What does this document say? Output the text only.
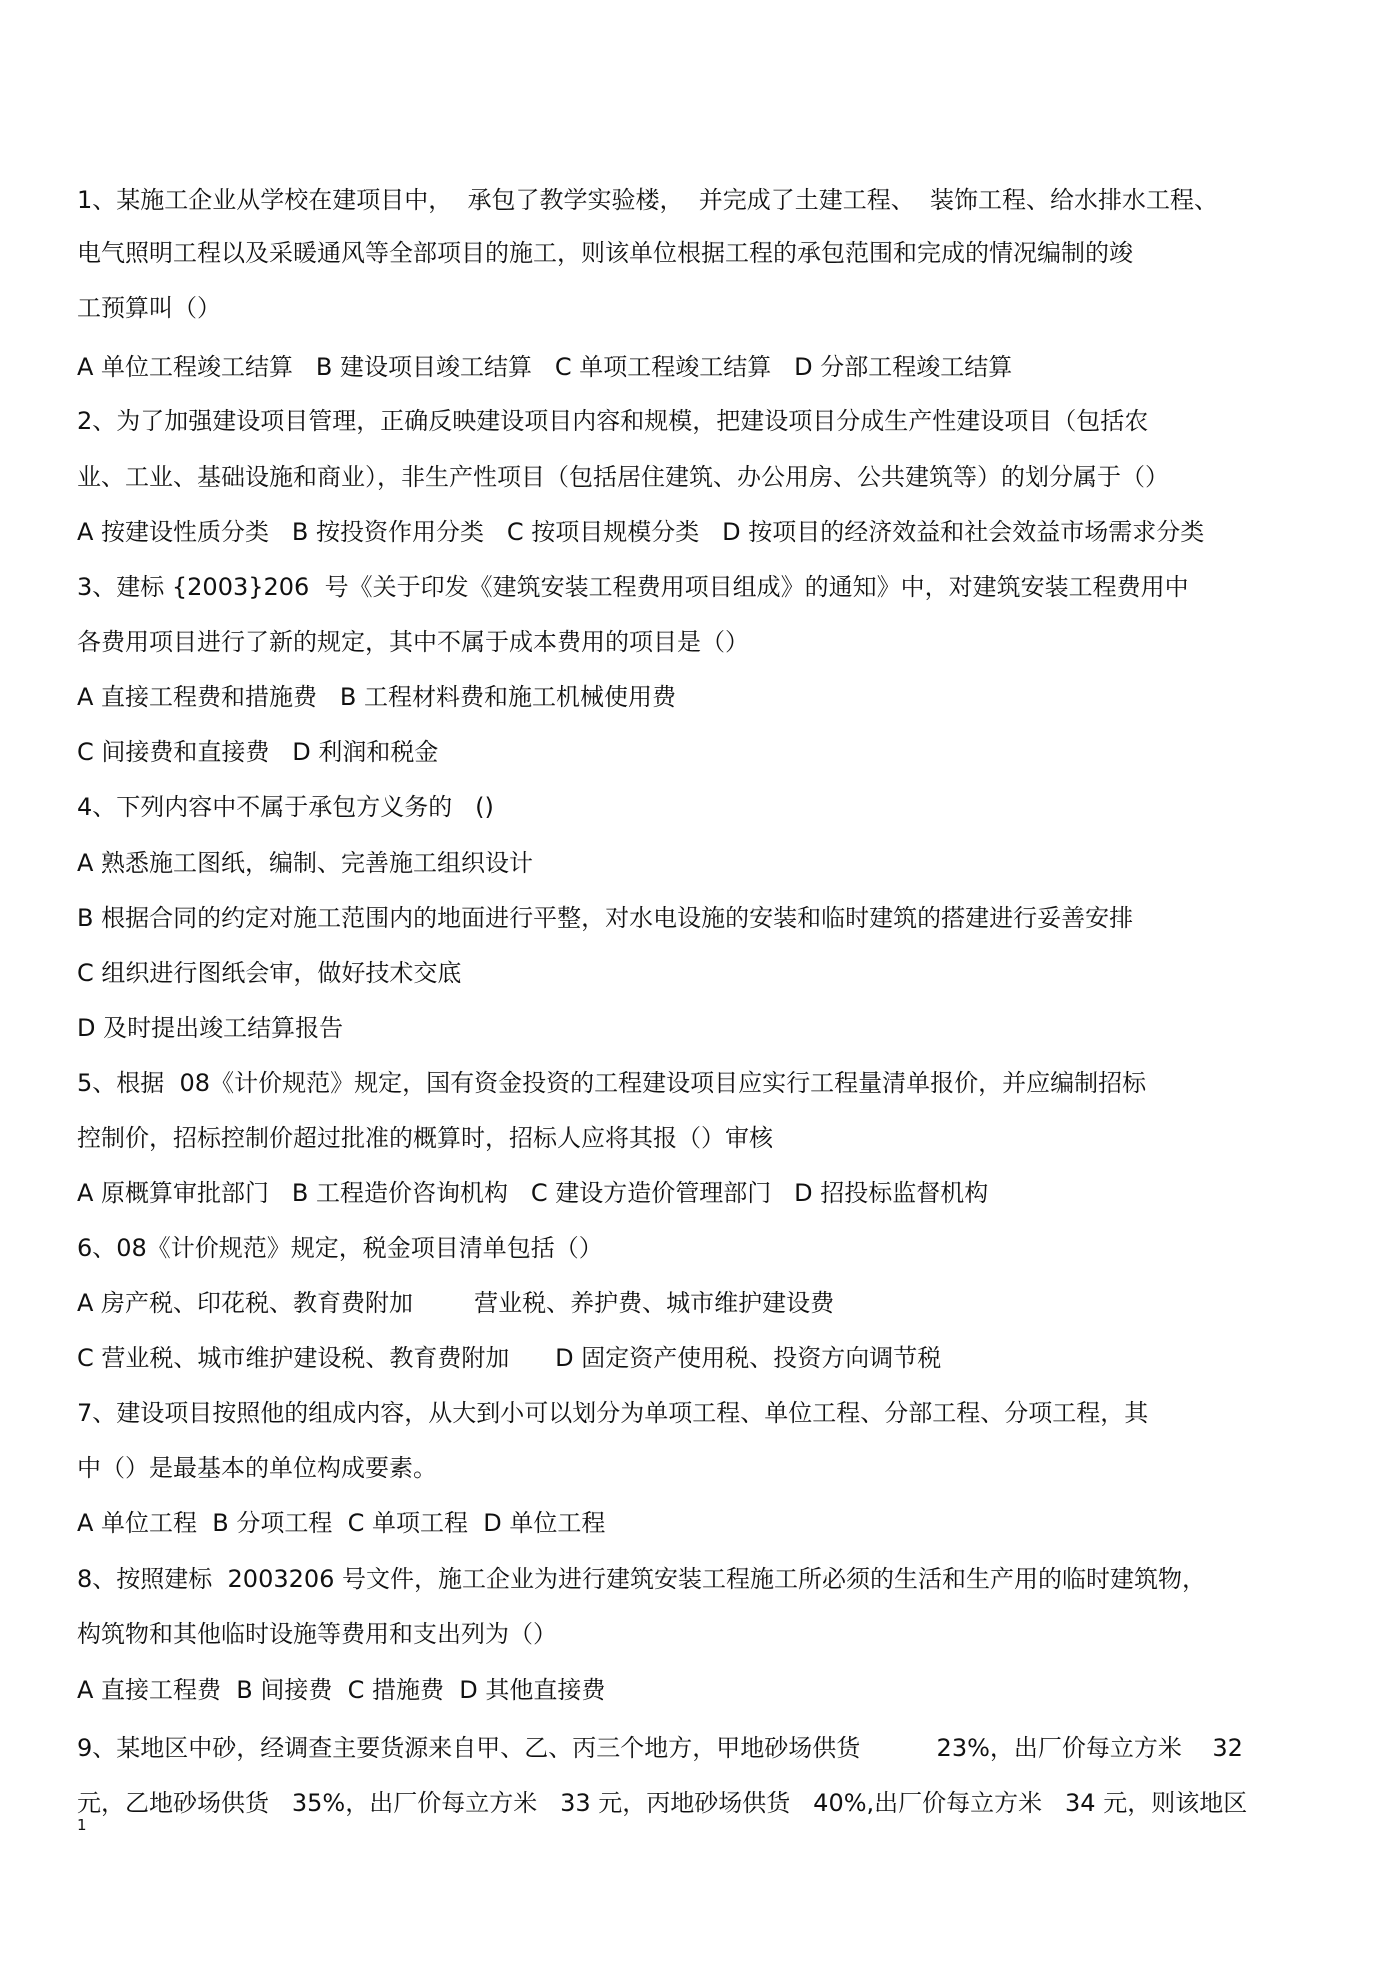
1、某施工企业从学校在建项目中，  承包了教学实验楼，  并完成了土建工程、  装饰工程、给水排水工程、
电气照明工程以及采暖通风等全部项目的施工，则该单位根据工程的承包范围和完成的情况编制的竣
工预算叫（）
A 单位工程竣工结算   B 建设项目竣工结算   C 单项工程竣工结算   D 分部工程竣工结算
2、为了加强建设项目管理，正确反映建设项目内容和规模，把建设项目分成生产性建设项目（包括农
业、工业、基础设施和商业），非生产性项目（包括居住建筑、办公用房、公共建筑等）的划分属于（）
A 按建设性质分类   B 按投资作用分类   C 按项目规模分类   D 按项目的经济效益和社会效益市场需求分类
3、建标 {2003}206  号《关于印发《建筑安装工程费用项目组成》的通知》中，对建筑安装工程费用中
各费用项目进行了新的规定，其中不属于成本费用的项目是（）
A 直接工程费和措施费   B 工程材料费和施工机械使用费
C 间接费和直接费   D 利润和税金
4、下列内容中不属于承包方义务的   ()
A 熟悉施工图纸，编制、完善施工组织设计
B 根据合同的约定对施工范围内的地面进行平整，对水电设施的安装和临时建筑的搭建进行妥善安排
C 组织进行图纸会审，做好技术交底
D 及时提出竣工结算报告
5、根据  08《计价规范》规定，国有资金投资的工程建设项目应实行工程量清单报价，并应编制招标
控制价，招标控制价超过批准的概算时，招标人应将其报（）审核
A 原概算审批部门   B 工程造价咨询机构   C 建设方造价管理部门   D 招投标监督机构
6、08《计价规范》规定，税金项目清单包括（）
A 房产税、印花税、教育费附加        营业税、养护费、城市维护建设费
C 营业税、城市维护建设税、教育费附加      D 固定资产使用税、投资方向调节税
7、建设项目按照他的组成内容，从大到小可以划分为单项工程、单位工程、分部工程、分项工程，其
中（）是最基本的单位构成要素。
A 单位工程  B 分项工程  C 单项工程  D 单位工程
8、按照建标  2003206 号文件，施工企业为进行建筑安装工程施工所必须的生活和生产用的临时建筑物，
构筑物和其他临时设施等费用和支出列为（）
A 直接工程费  B 间接费  C 措施费  D 其他直接费
9、某地区中砂，经调查主要货源来自甲、乙、丙三个地方，甲地砂场供货          23%，出厂价每立方米    32
元，乙地砂场供货   35%，出厂价每立方米   33 元，丙地砂场供货   40%,出厂价每立方米   34 元，则该地区
1
